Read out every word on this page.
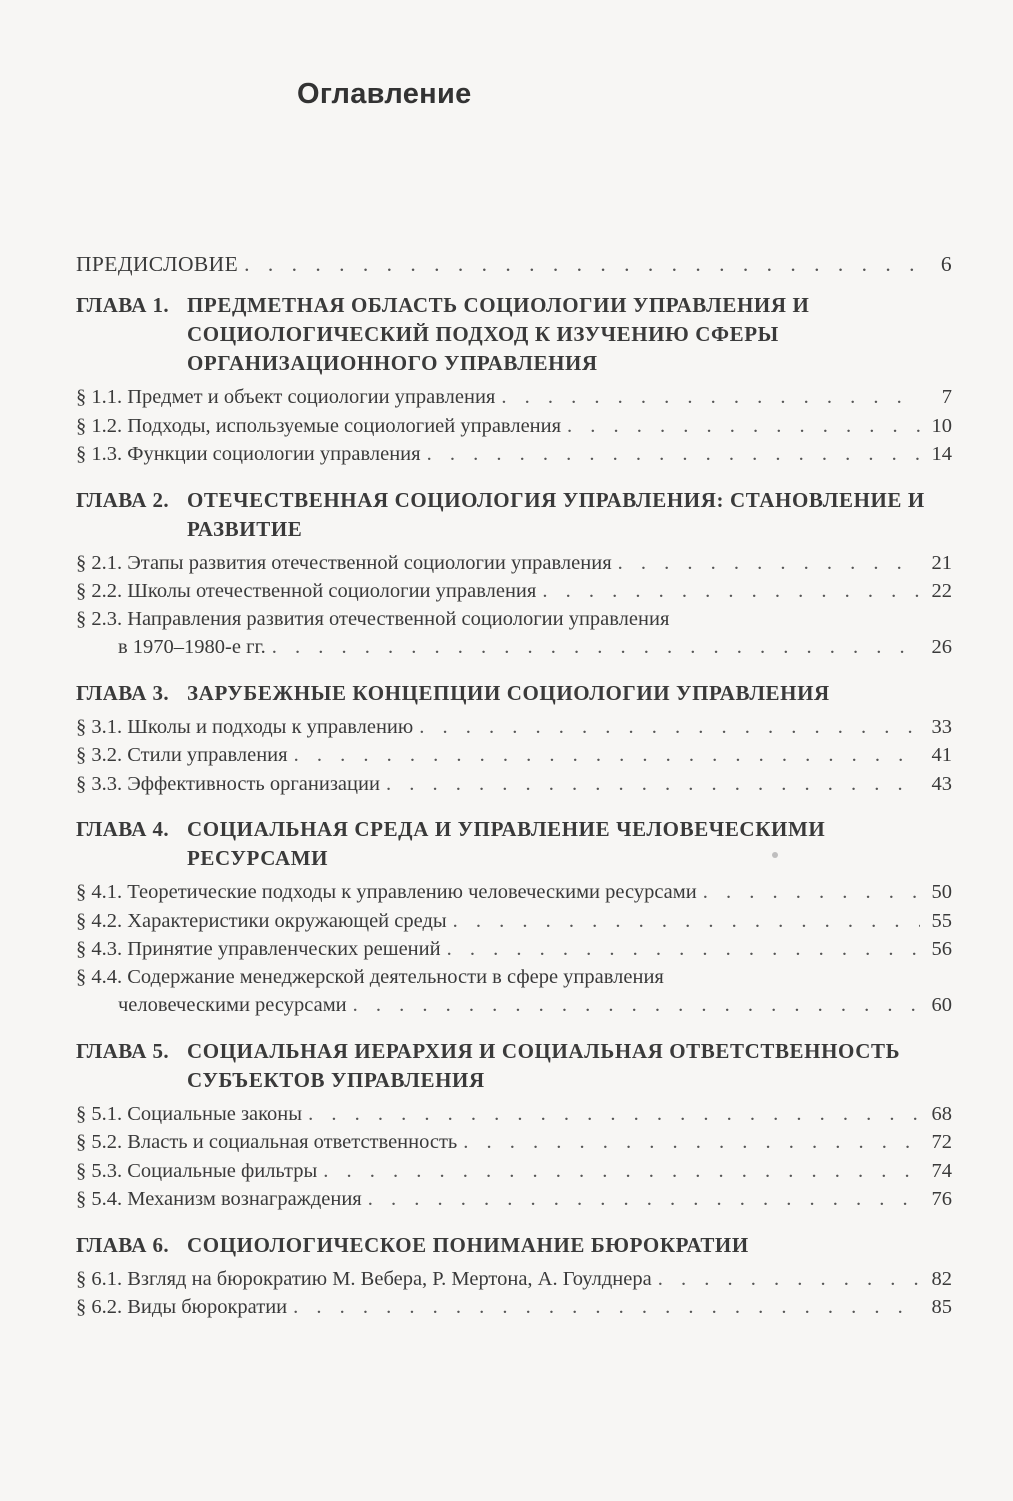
Оглавление
ПРЕДИСЛОВИЕ . . .	6
ГЛАВА 1. ПРЕДМЕТНАЯ ОБЛАСТЬ СОЦИОЛОГИИ УПРАВЛЕНИЯ И СОЦИОЛОГИЧЕСКИЙ ПОДХОД К ИЗУЧЕНИЮ СФЕРЫ ОРГАНИЗАЦИОННОГО УПРАВЛЕНИЯ
§ 1.1. Предмет и объект социологии управления . . .	7
§ 1.2. Подходы, используемые социологией управления . . .	10
§ 1.3. Функции социологии управления . . .	14
ГЛАВА 2. ОТЕЧЕСТВЕННАЯ СОЦИОЛОГИЯ УПРАВЛЕНИЯ: СТАНОВЛЕНИЕ И РАЗВИТИЕ
§ 2.1. Этапы развития отечественной социологии управления . . .	21
§ 2.2. Школы отечественной социологии управления . . .	22
§ 2.3. Направления развития отечественной социологии управления
в 1970–1980-е гг. . . .	26
ГЛАВА 3. ЗАРУБЕЖНЫЕ КОНЦЕПЦИИ СОЦИОЛОГИИ УПРАВЛЕНИЯ
§ 3.1. Школы и подходы к управлению . . .	33
§ 3.2. Стили управления . . .	41
§ 3.3. Эффективность организации . . .	43
ГЛАВА 4. СОЦИАЛЬНАЯ СРЕДА И УПРАВЛЕНИЕ ЧЕЛОВЕЧЕСКИМИ РЕСУРСАМИ
§ 4.1. Теоретические подходы к управлению человеческими ресурсами . . .	50
§ 4.2. Характеристики окружающей среды . . .	55
§ 4.3. Принятие управленческих решений . . .	56
§ 4.4. Содержание менеджерской деятельности в сфере управления
человеческими ресурсами . . .	60
ГЛАВА 5. СОЦИАЛЬНАЯ ИЕРАРХИЯ И СОЦИАЛЬНАЯ ОТВЕТСТВЕННОСТЬ СУБЪЕКТОВ УПРАВЛЕНИЯ
§ 5.1. Социальные законы . . .	68
§ 5.2. Власть и социальная ответственность . . .	72
§ 5.3. Социальные фильтры . . .	74
§ 5.4. Механизм вознаграждения . . .	76
ГЛАВА 6. СОЦИОЛОГИЧЕСКОЕ ПОНИМАНИЕ БЮРОКРАТИИ
§ 6.1. Взгляд на бюрократию М. Вебера, Р. Мертона, А. Гоулднера . . .	82
§ 6.2. Виды бюрократии . . .	85
